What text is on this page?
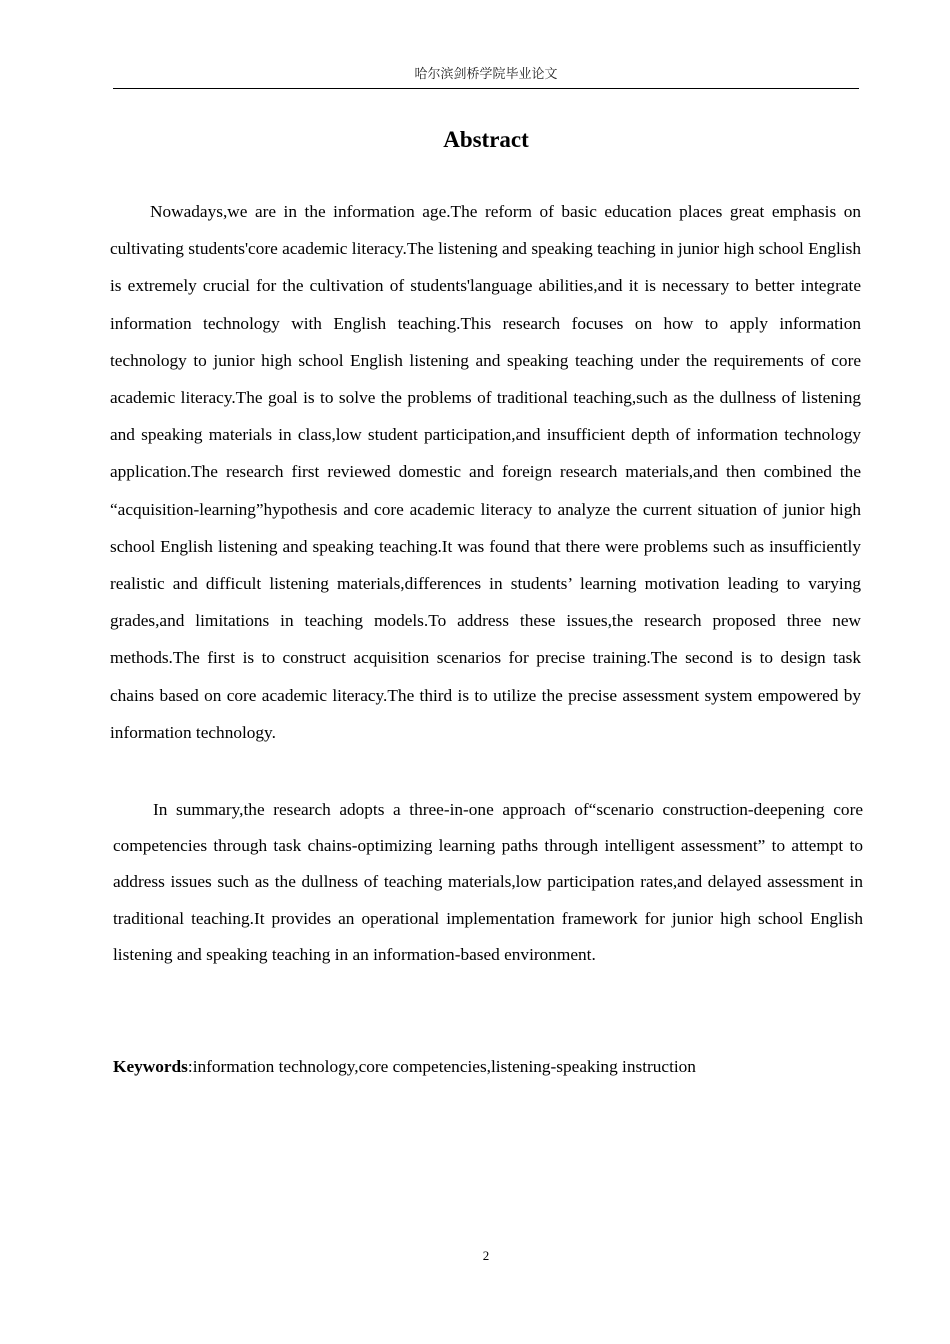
哈尔滨剑桥学院毕业论文
Abstract

Nowadays,we are in the information age.The reform of basic education places great emphasis on cultivating students'core academic literacy.The listening and speaking teaching in junior high school English is extremely crucial for the cultivation of students'language abilities,and it is necessary to better integrate information technology with English teaching.This research focuses on how to apply information technology to junior high school English listening and speaking teaching under the requirements of core academic literacy.The goal is to solve the problems of traditional teaching,such as the dullness of listening and speaking materials in class,low student participation,and insufficient depth of information technology application.The research first reviewed domestic and foreign research materials,and then combined the “acquisition-learning”hypothesis and core academic literacy to analyze the current situation of junior high school English listening and speaking teaching.It was found that there were problems such as insufficiently realistic and difficult listening materials,differences in students’ learning motivation leading to varying grades,and limitations in teaching models.To address these issues,the research proposed three new methods.The first is to construct acquisition scenarios for precise training.The second is to design task chains based on core academic literacy.The third is to utilize the precise assessment system empowered by information technology.

In summary,the research adopts a three-in-one approach of“scenario construction-deepening core competencies through task chains-optimizing learning paths through intelligent assessment” to attempt to address issues such as the dullness of teaching materials,low participation rates,and delayed assessment in traditional teaching.It provides an operational implementation framework for junior high school English listening and speaking teaching in an information-based environment.

Keywords:information technology,core competencies,listening-speaking instruction

2
